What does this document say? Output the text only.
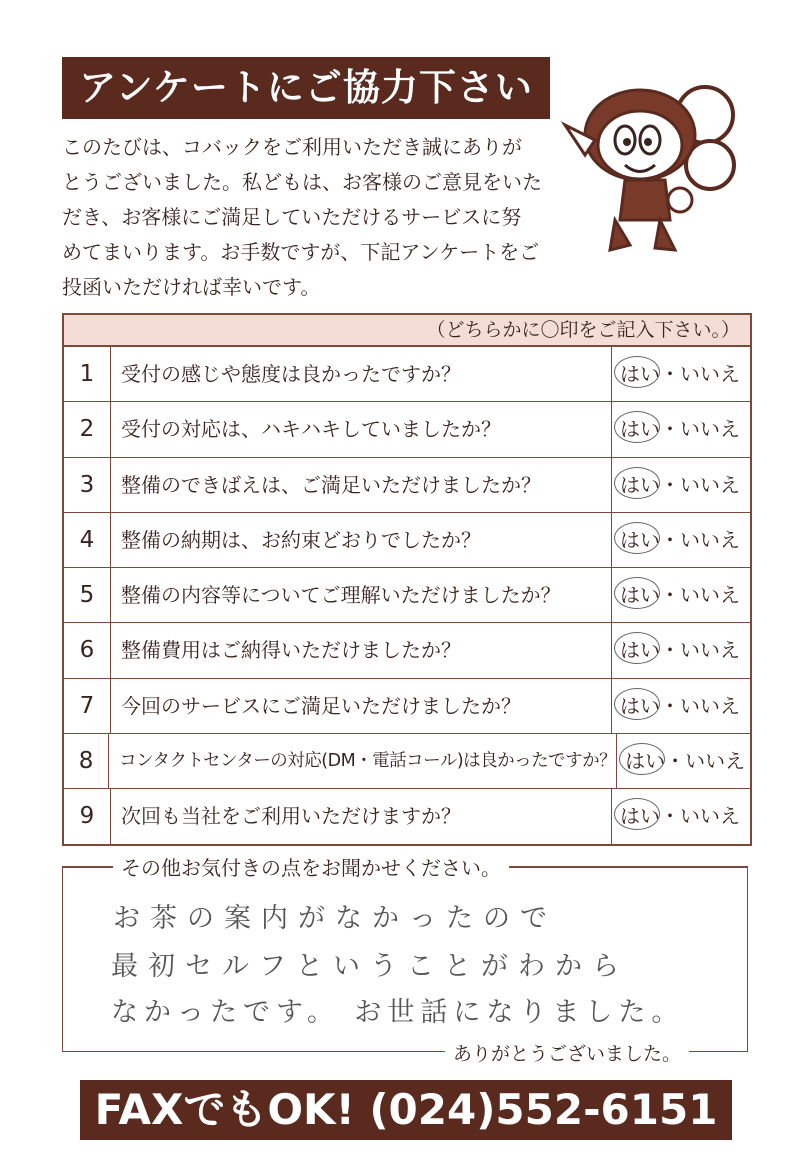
アンケートにご協力下さい
このたびは、コバックをご利用いただき誠にありが
とうございました。私どもは、お客様のご意見をいた
だき、お客様にご満足していただけるサービスに努
めてまいります。お手数ですが、下記アンケートをご
投函いただければ幸いです。
（どちらかに〇印をご記入下さい。）
1	受付の感じや態度は良かったですか？	はい・いいえ
2	受付の対応は、ハキハキしていましたか？	はい・いいえ
3	整備のできばえは、ご満足いただけましたか？	はい・いいえ
4	整備の納期は、お約束どおりでしたか？	はい・いいえ
5	整備の内容等についてご理解いただけましたか？	はい・いいえ
6	整備費用はご納得いただけましたか？	はい・いいえ
7	今回のサービスにご満足いただけましたか？	はい・いいえ
8	コンタクトセンターの対応(DM・電話コール)は良かったですか？ はい・いいえ
9	次回も当社をご利用いただけますか？	はい・いいえ
その他お気付きの点をお聞かせください。
お茶の案内がなかったので
最初セルフということがわから
なかったです。 お世話になりました。
ありがとうございました。
FAXでもOK! (024)552-6151
